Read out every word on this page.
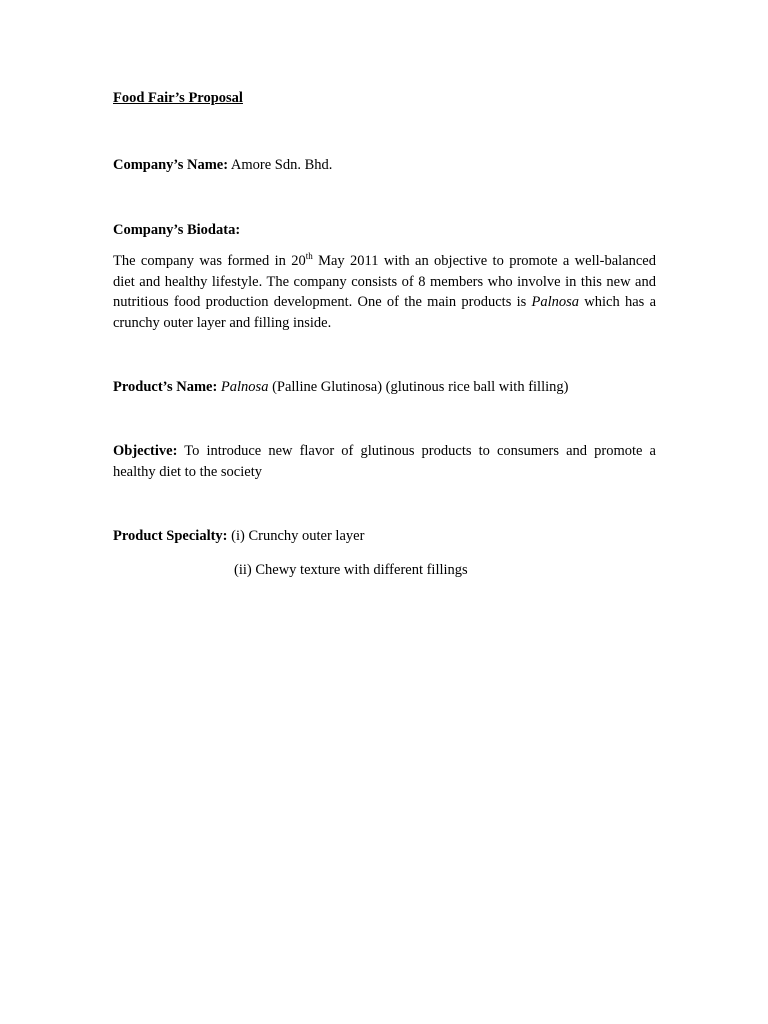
Food Fair’s Proposal
Company’s Name: Amore Sdn. Bhd.
Company’s Biodata:
The company was formed in 20th May 2011 with an objective to promote a well-balanced diet and healthy lifestyle. The company consists of 8 members who involve in this new and nutritious food production development. One of the main products is Palnosa which has a crunchy outer layer and filling inside.
Product’s Name: Palnosa (Palline Glutinosa) (glutinous rice ball with filling)
Objective: To introduce new flavor of glutinous products to consumers and promote a healthy diet to the society
Product Specialty: (i) Crunchy outer layer
(ii) Chewy texture with different fillings
